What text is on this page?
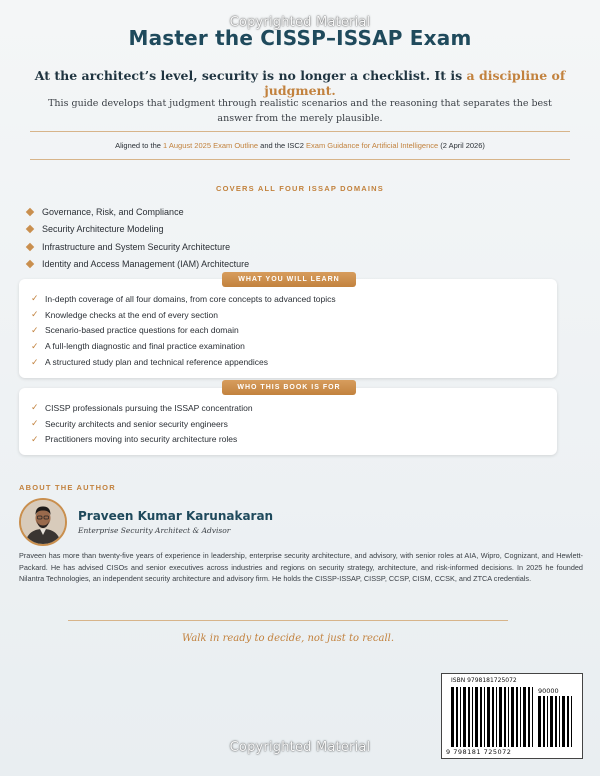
Copyrighted Material
Master the CISSP–ISSAP Exam
At the architect’s level, security is no longer a checklist. It is a discipline of judgment.
This guide develops that judgment through realistic scenarios and the reasoning that separates the best answer from the merely plausible.
Aligned to the 1 August 2025 Exam Outline and the ISC2 Exam Guidance for Artificial Intelligence (2 April 2026)
COVERS ALL FOUR ISSAP DOMAINS
Governance, Risk, and Compliance
Security Architecture Modeling
Infrastructure and System Security Architecture
Identity and Access Management (IAM) Architecture
WHAT YOU WILL LEARN
✓ In-depth coverage of all four domains, from core concepts to advanced topics
✓ Knowledge checks at the end of every section
✓ Scenario-based practice questions for each domain
✓ A full-length diagnostic and final practice examination
✓ A structured study plan and technical reference appendices
WHO THIS BOOK IS FOR
✓ CISSP professionals pursuing the ISSAP concentration
✓ Security architects and senior security engineers
✓ Practitioners moving into security architecture roles
ABOUT THE AUTHOR
Praveen Kumar Karunakaran
Enterprise Security Architect & Advisor
Praveen has more than twenty-five years of experience in leadership, enterprise security architecture, and advisory, with senior roles at AIA, Wipro, Cognizant, and Hewlett-Packard. He has advised CISOs and senior executives across industries and regions on security strategy, architecture, and risk-informed decisions. In 2025 he founded Nilantra Technologies, an independent security architecture and advisory firm. He holds the CISSP-ISSAP, CISSP, CCSP, CISM, CCSK, and ZTCA credentials.
Walk in ready to decide, not just to recall.
ISBN 9798181725072
90000
9 798181 725072
Copyrighted Material
